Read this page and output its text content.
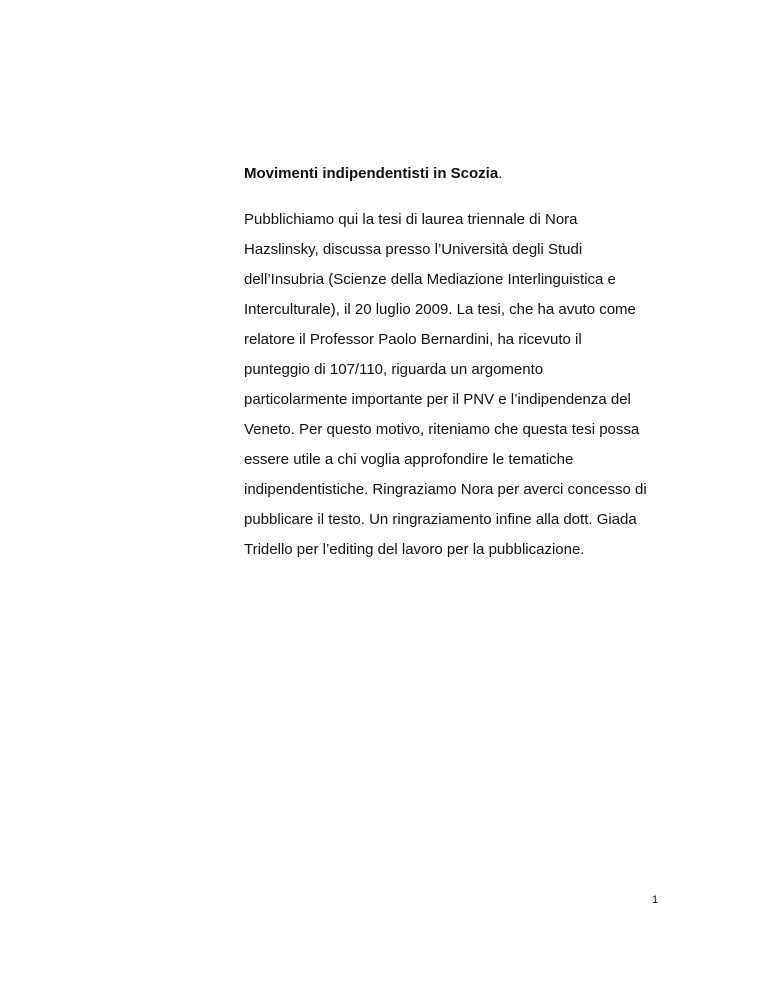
Movimenti indipendentisti in Scozia.

Pubblichiamo qui la tesi di laurea triennale di Nora
Hazslinsky, discussa presso l’Università degli Studi
dell’Insubria (Scienze della Mediazione Interlinguistica e
Interculturale), il 20 luglio 2009. La tesi, che ha avuto come
relatore il Professor Paolo Bernardini, ha ricevuto il
punteggio di 107/110, riguarda un argomento
particolarmente importante per il PNV e l’indipendenza del
Veneto. Per questo motivo, riteniamo che questa tesi possa
essere utile a chi voglia approfondire le tematiche
indipendentistiche. Ringraziamo Nora per averci concesso di
pubblicare il testo. Un ringraziamento infine alla dott. Giada
Tridello per l’editing del lavoro per la pubblicazione.

1
